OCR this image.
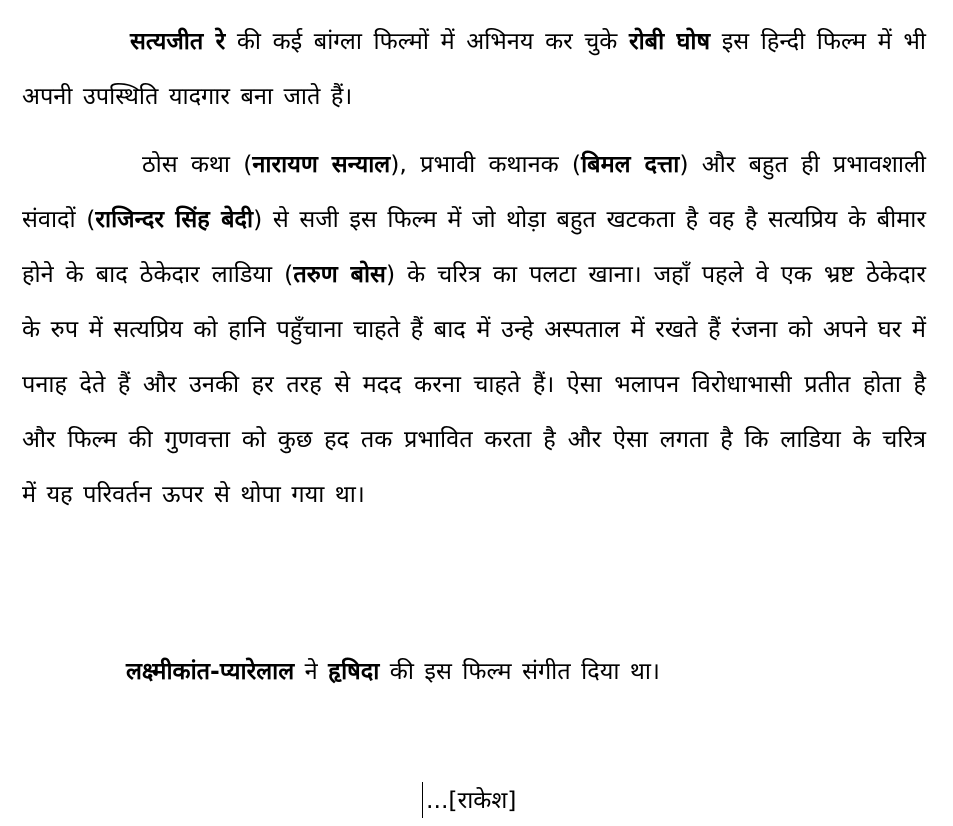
सत्यजीत रे की कई बांग्ला फिल्मों में अभिनय कर चुके रोबी घोष इस हिन्दी फिल्म में भी अपनी उपस्थिति यादगार बना जाते हैं।

ठोस कथा (नारायण सन्याल), प्रभावी कथानक (बिमल दत्ता) और बहुत ही प्रभावशाली संवादों (राजिन्दर सिंह बेदी) से सजी इस फिल्म में जो थोड़ा बहुत खटकता है वह है सत्यप्रिय के बीमार होने के बाद ठेकेदार लाडिया (तरुण बोस) के चरित्र का पलटा खाना। जहाँ पहले वे एक भ्रष्ट ठेकेदार के रुप में सत्यप्रिय को हानि पहुँचाना चाहते हैं बाद में उन्हे अस्पताल में रखते हैं रंजना को अपने घर में पनाह देते हैं और उनकी हर तरह से मदद करना चाहते हैं। ऐसा भलापन विरोधाभासी प्रतीत होता है और फिल्म की गुणवत्ता को कुछ हद तक प्रभावित करता है और ऐसा लगता है कि लाडिया के चरित्र में यह परिवर्तन ऊपर से थोपा गया था।

लक्ष्मीकांत-प्यारेलाल ने हृषिदा की इस फिल्म संगीत दिया था।

...[राकेश]
